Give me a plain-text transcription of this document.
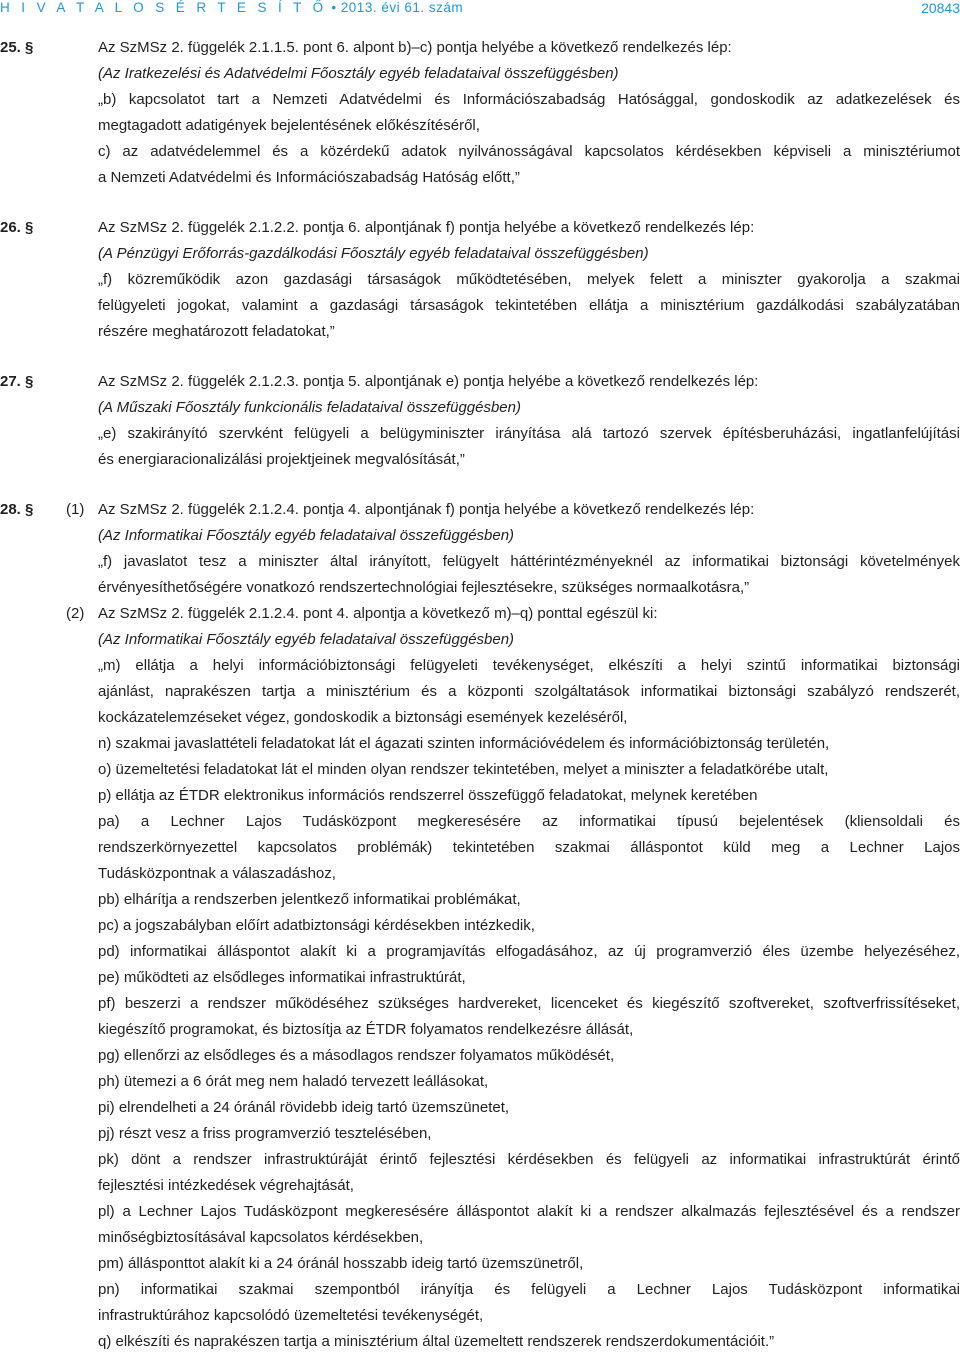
H I V A T A L O S É R T E S Í T Ő • 2013. évi 61. szám	20843
25. §	Az SzMSz 2. függelék 2.1.1.5. pont 6. alpont b)–c) pontja helyébe a következő rendelkezés lép:
(Az Iratkezelési és Adatvédelmi Főosztály egyéb feladataival összefüggésben)
„b) kapcsolatot tart a Nemzeti Adatvédelmi és Információszabadság Hatósággal, gondoskodik az adatkezelések és
megtagadott adatigények bejelentésének előkészítéséről,
c) az adatvédelemmel és a közérdekű adatok nyilvánosságával kapcsolatos kérdésekben képviseli a minisztériumot
a Nemzeti Adatvédelmi és Információszabadság Hatóság előtt,”
26. §	Az SzMSz 2. függelék 2.1.2.2. pontja 6. alpontjának f) pontja helyébe a következő rendelkezés lép:
(A Pénzügyi Erőforrás-gazdálkodási Főosztály egyéb feladataival összefüggésben)
„f) közreműködik azon gazdasági társaságok működtetésében, melyek felett a miniszter gyakorolja a szakmai
felügyeleti jogokat, valamint a gazdasági társaságok tekintetében ellátja a minisztérium gazdálkodási szabályzatában
részére meghatározott feladatokat,”
27. §	Az SzMSz 2. függelék 2.1.2.3. pontja 5. alpontjának e) pontja helyébe a következő rendelkezés lép:
(A Műszaki Főosztály funkcionális feladataival összefüggésben)
„e) szakirányító szervként felügyeli a belügyminiszter irányítása alá tartozó szervek építésberuházási, ingatlanfelújítási
és energiaracionalizálási projektjeinek megvalósítását,”
28. § (1) Az SzMSz 2. függelék 2.1.2.4. pontja 4. alpontjának f) pontja helyébe a következő rendelkezés lép:
(Az Informatikai Főosztály egyéb feladataival összefüggésben)
„f) javaslatot tesz a miniszter által irányított, felügyelt háttérintézményeknél az informatikai biztonsági követelmények
érvényesíthetőségére vonatkozó rendszertechnológiai fejlesztésekre, szükséges normaalkotásra,”
(2) Az SzMSz 2. függelék 2.1.2.4. pont 4. alpontja a következő m)–q) ponttal egészül ki:
(Az Informatikai Főosztály egyéb feladataival összefüggésben)
„m) ellátja a helyi információbiztonsági felügyeleti tevékenységet, elkészíti a helyi szintű informatikai biztonsági
ajánlást, naprakészen tartja a minisztérium és a központi szolgáltatások informatikai biztonsági szabályzó rendszerét,
kockázatelemzéseket végez, gondoskodik a biztonsági események kezeléséről,
n) szakmai javaslattételi feladatokat lát el ágazati szinten információvédelem és információbiztonság területén,
o) üzemeltetési feladatokat lát el minden olyan rendszer tekintetében, melyet a miniszter a feladatkörébe utalt,
p) ellátja az ÉTDR elektronikus információs rendszerrel összefüggő feladatokat, melynek keretében
pa) a Lechner Lajos Tudásközpont megkeresésére az informatikai típusú bejelentések (kliensoldali és
rendszerkörnyezettel kapcsolatos problémák) tekintetében szakmai álláspontot küld meg a Lechner Lajos
Tudásközpontnak a válaszadáshoz,
pb) elhárítja a rendszerben jelentkező informatikai problémákat,
pc) a jogszabályban előírt adatbiztonsági kérdésekben intézkedik,
pd) informatikai álláspontot alakít ki a programjavítás elfogadásához, az új programverzió éles üzembe helyezéséhez,
pe) működteti az elsődleges informatikai infrastruktúrát,
pf) beszerzi a rendszer működéséhez szükséges hardvereket, licenceket és kiegészítő szoftvereket, szoftverfrissítéseket,
kiegészítő programokat, és biztosítja az ÉTDR folyamatos rendelkezésre állását,
pg) ellenőrzi az elsődleges és a másodlagos rendszer folyamatos működését,
ph) ütemezi a 6 órát meg nem haladó tervezett leállásokat,
pi) elrendelheti a 24 óránál rövidebb ideig tartó üzemszünetet,
pj) részt vesz a friss programverzió tesztelésében,
pk) dönt a rendszer infrastruktúráját érintő fejlesztési kérdésekben és felügyeli az informatikai infrastruktúrát érintő
fejlesztési intézkedések végrehajtását,
pl) a Lechner Lajos Tudásközpont megkeresésére álláspontot alakít ki a rendszer alkalmazás fejlesztésével és a rendszer
minőségbiztosításával kapcsolatos kérdésekben,
pm) állásponttot alakít ki a 24 óránál hosszabb ideig tartó üzemszünetről,
pn) informatikai szakmai szempontból irányítja és felügyeli a Lechner Lajos Tudásközpont informatikai
infrastruktúrához kapcsolódó üzemeltetési tevékenységét,
q) elkészíti és naprakészen tartja a minisztérium által üzemeltett rendszerek rendszerdokumentációit.”
